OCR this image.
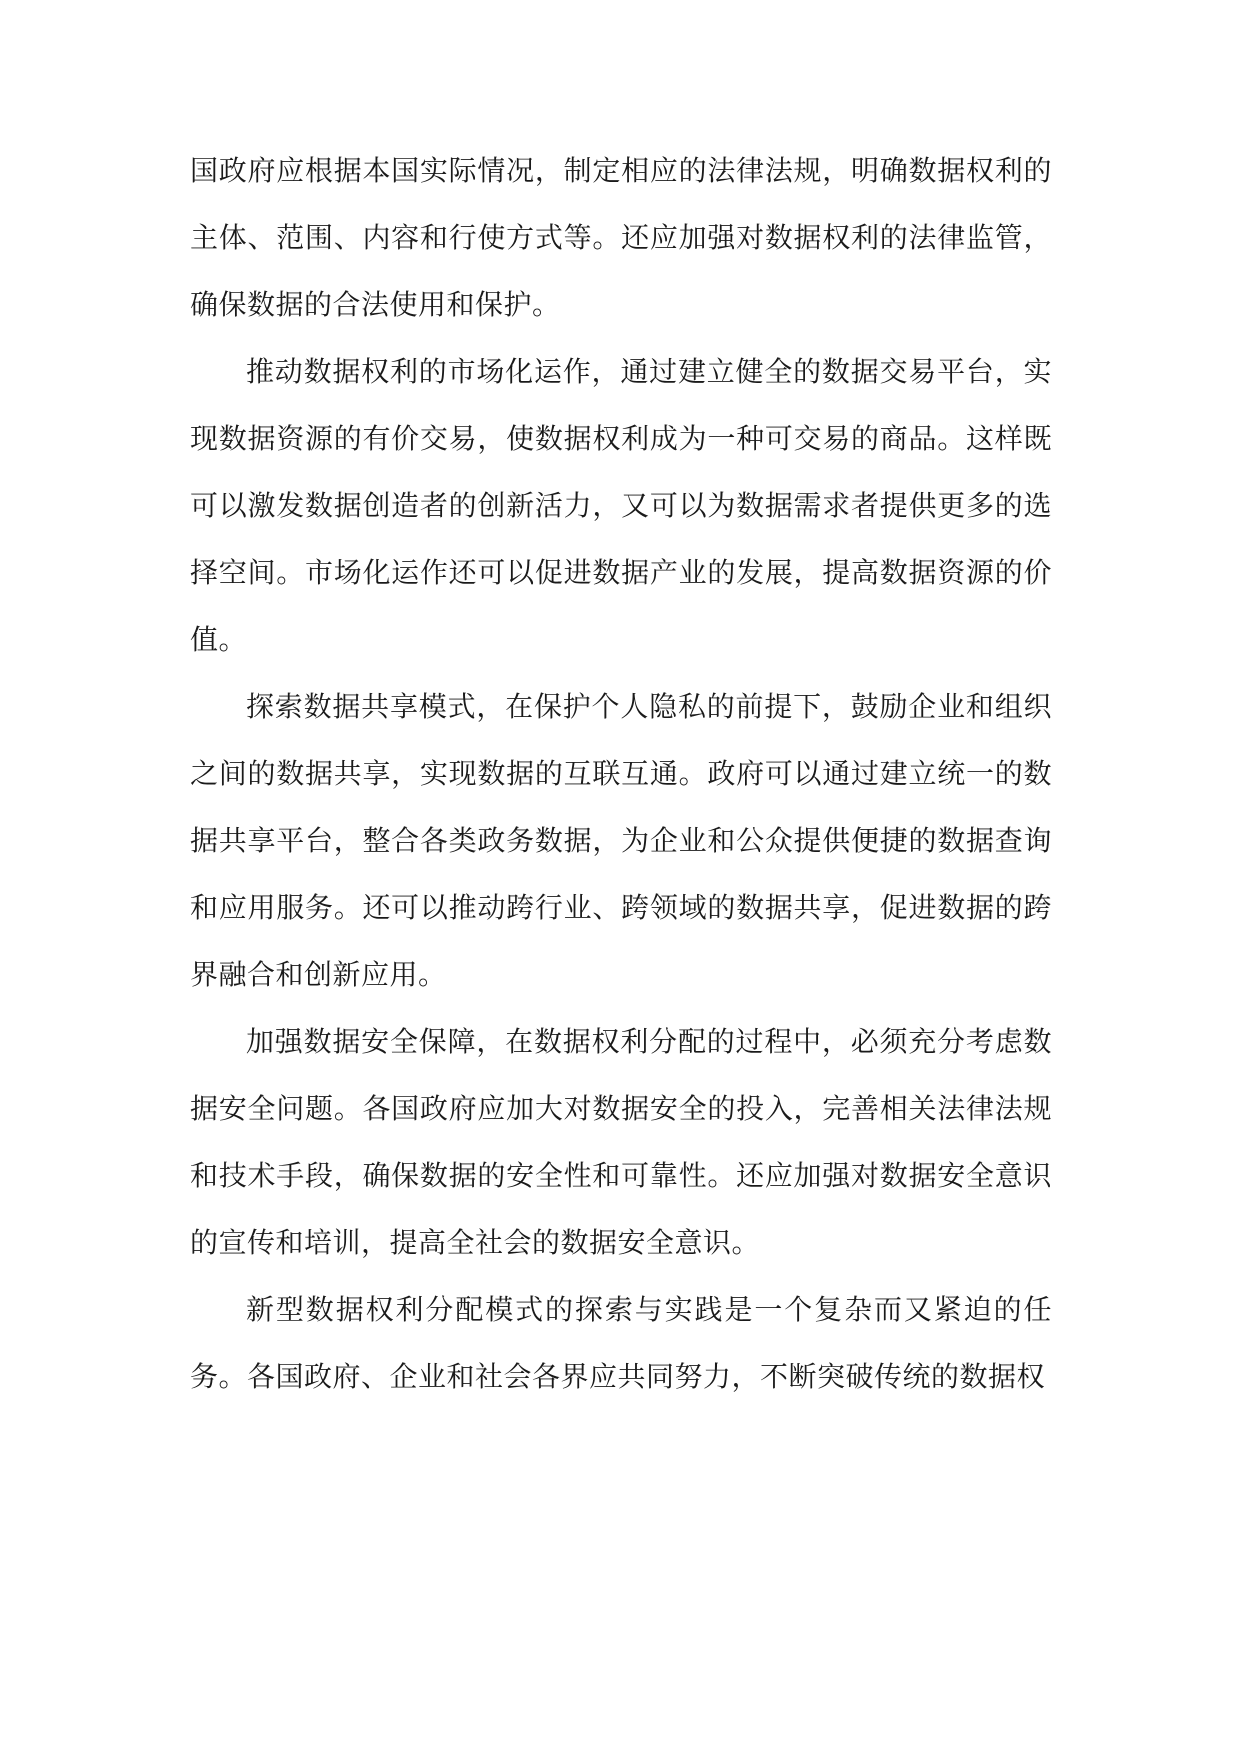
国政府应根据本国实际情况，制定相应的法律法规，明确数据权利的主体、范围、内容和行使方式等。还应加强对数据权利的法律监管，确保数据的合法使用和保护。

推动数据权利的市场化运作，通过建立健全的数据交易平台，实现数据资源的有价交易，使数据权利成为一种可交易的商品。这样既可以激发数据创造者的创新活力，又可以为数据需求者提供更多的选择空间。市场化运作还可以促进数据产业的发展，提高数据资源的价值。

探索数据共享模式，在保护个人隐私的前提下，鼓励企业和组织之间的数据共享，实现数据的互联互通。政府可以通过建立统一的数据共享平台，整合各类政务数据，为企业和公众提供便捷的数据查询和应用服务。还可以推动跨行业、跨领域的数据共享，促进数据的跨界融合和创新应用。

加强数据安全保障，在数据权利分配的过程中，必须充分考虑数据安全问题。各国政府应加大对数据安全的投入，完善相关法律法规和技术手段，确保数据的安全性和可靠性。还应加强对数据安全意识的宣传和培训，提高全社会的数据安全意识。

新型数据权利分配模式的探索与实践是一个复杂而又紧迫的任务。各国政府、企业和社会各界应共同努力，不断突破传统的数据权
